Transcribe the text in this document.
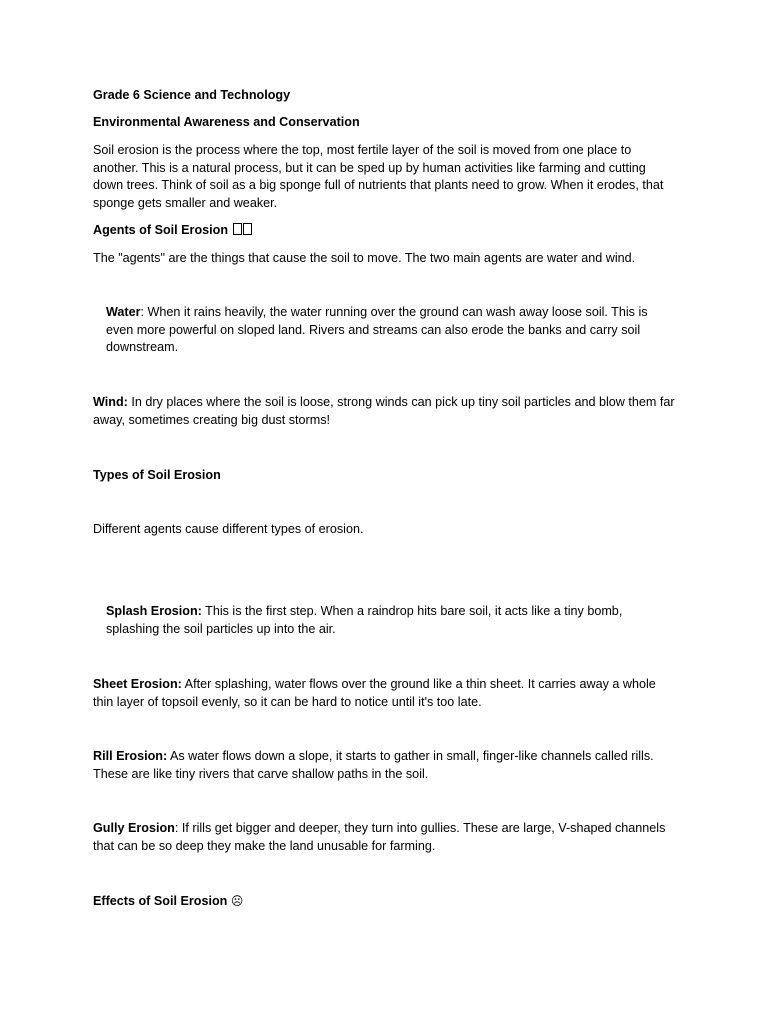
Grade 6 Science and Technology

Environmental Awareness and Conservation

Soil erosion is the process where the top, most fertile layer of the soil is moved from one place to another. This is a natural process, but it can be sped up by human activities like farming and cutting down trees. Think of soil as a big sponge full of nutrients that plants need to grow. When it erodes, that sponge gets smaller and weaker.

Agents of Soil Erosion

The "agents" are the things that cause the soil to move. The two main agents are water and wind.

Water: When it rains heavily, the water running over the ground can wash away loose soil. This is even more powerful on sloped land. Rivers and streams can also erode the banks and carry soil downstream.

Wind: In dry places where the soil is loose, strong winds can pick up tiny soil particles and blow them far away, sometimes creating big dust storms!

Types of Soil Erosion

Different agents cause different types of erosion.

Splash Erosion: This is the first step. When a raindrop hits bare soil, it acts like a tiny bomb, splashing the soil particles up into the air.

Sheet Erosion: After splashing, water flows over the ground like a thin sheet. It carries away a whole thin layer of topsoil evenly, so it can be hard to notice until it's too late.

Rill Erosion: As water flows down a slope, it starts to gather in small, finger-like channels called rills. These are like tiny rivers that carve shallow paths in the soil.

Gully Erosion: If rills get bigger and deeper, they turn into gullies. These are large, V-shaped channels that can be so deep they make the land unusable for farming.

Effects of Soil Erosion ☹
